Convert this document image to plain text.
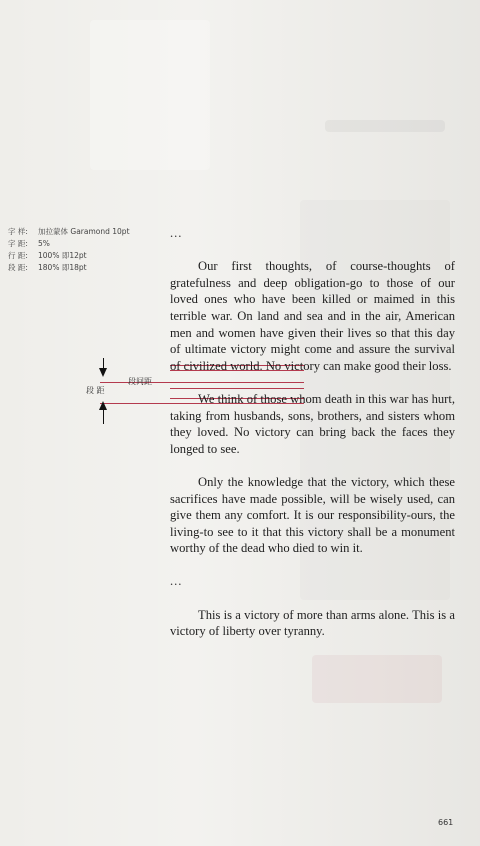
字 样: 加拉蒙体 Garamond 10pt
字 距: 5%
行 距: 100% 即12pt
段 距: 180% 即18pt
段 距
段间距

...

Our first thoughts, of course-thoughts of gratefulness and deep obligation-go to those of our loved ones who have been killed or maimed in this terrible war. On land and sea and in the air, American men and women have given their lives so that this day of ultimate victory might come and assure the survival of civilized world. No victory can make good their loss.

We think of those whom death in this war has hurt, taking from husbands, sons, brothers, and sisters whom they loved. No victory can bring back the faces they longed to see.

Only the knowledge that the victory, which these sacrifices have made possible, will be wisely used, can give them any comfort. It is our responsibility-ours, the living-to see to it that this victory shall be a monument worthy of the dead who died to win it.

...

This is a victory of more than arms alone. This is a victory of liberty over tyranny.

661
